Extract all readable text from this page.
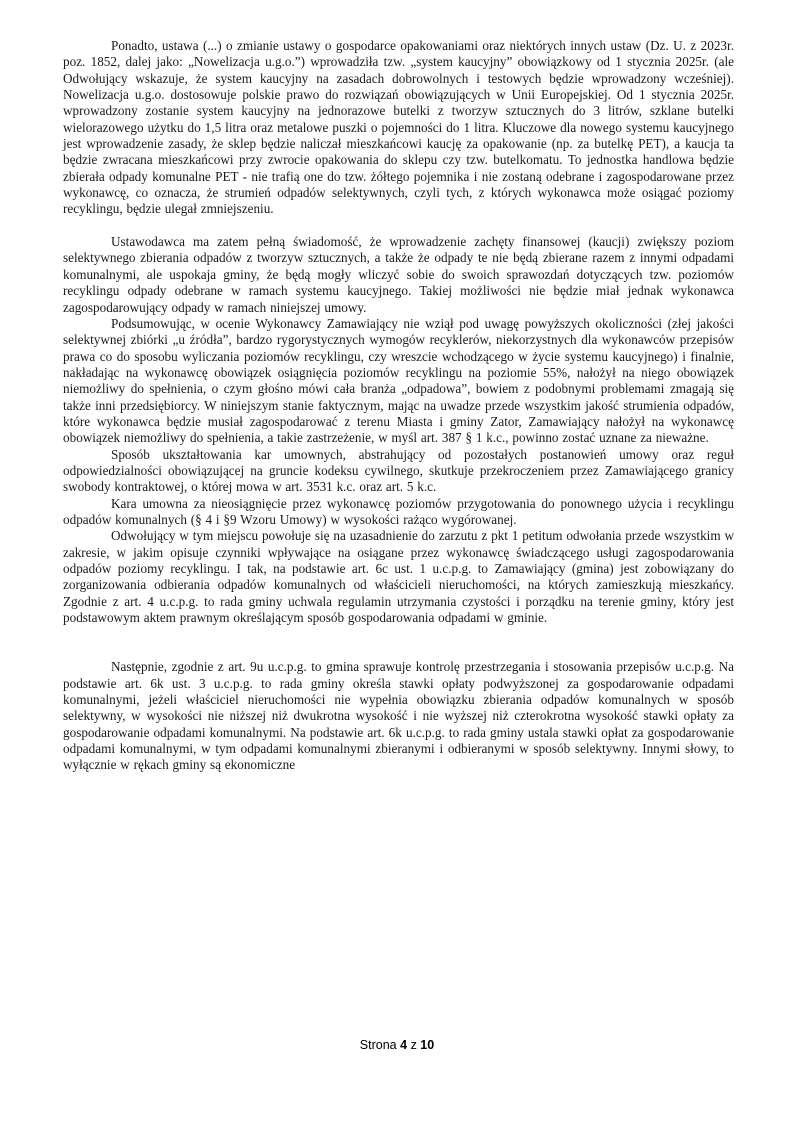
Ponadto, ustawa (...) o zmianie ustawy o gospodarce opakowaniami oraz niektórych innych ustaw (Dz. U. z 2023r. poz. 1852, dalej jako: „Nowelizacja u.g.o.”) wprowadziła tzw. „system kaucyjny” obowiązkowy od 1 stycznia 2025r. (ale Odwołujący wskazuje, że system kaucyjny na zasadach dobrowolnych i testowych będzie wprowadzony wcześniej). Nowelizacja u.g.o. dostosowuje polskie prawo do rozwiązań obowiązujących w Unii Europejskiej. Od 1 stycznia 2025r. wprowadzony zostanie system kaucyjny na jednorazowe butelki z tworzyw sztucznych do 3 litrów, szklane butelki wielorazowego użytku do 1,5 litra oraz metalowe puszki o pojemności do 1 litra. Kluczowe dla nowego systemu kaucyjnego jest wprowadzenie zasady, że sklep będzie naliczał mieszkańcowi kaucję za opakowanie (np. za butelkę PET), a kaucja ta będzie zwracana mieszkańcowi przy zwrocie opakowania do sklepu czy tzw. butelkomatu. To jednostka handlowa będzie zbierała odpady komunalne PET - nie trafią one do tzw. żółtego pojemnika i nie zostaną odebrane i zagospodarowane przez wykonawcę, co oznacza, że strumień odpadów selektywnych, czyli tych, z których wykonawca może osiągać poziomy recyklingu, będzie ulegał zmniejszeniu.

Ustawodawca ma zatem pełną świadomość, że wprowadzenie zachęty finansowej (kaucji) zwiększy poziom selektywnego zbierania odpadów z tworzyw sztucznych, a także że odpady te nie będą zbierane razem z innymi odpadami komunalnymi, ale uspokaja gminy, że będą mogły wliczyć sobie do swoich sprawozdań dotyczących tzw. poziomów recyklingu odpady odebrane w ramach systemu kaucyjnego. Takiej możliwości nie będzie miał jednak wykonawca zagospodarowujący odpady w ramach niniejszej umowy.

Podsumowując, w ocenie Wykonawcy Zamawiający nie wziął pod uwagę powyższych okoliczności (złej jakości selektywnej zbiórki „u źródła”, bardzo rygorystycznych wymogów recyklerów, niekorzystnych dla wykonawców przepisów prawa co do sposobu wyliczania poziomów recyklingu, czy wreszcie wchodzącego w życie systemu kaucyjnego) i finalnie, nakładając na wykonawcę obowiązek osiągnięcia poziomów recyklingu na poziomie 55%, nałożył na niego obowiązek niemożliwy do spełnienia, o czym głośno mówi cała branża „odpadowa”, bowiem z podobnymi problemami zmagają się także inni przedsiębiorcy. W niniejszym stanie faktycznym, mając na uwadze przede wszystkim jakość strumienia odpadów, które wykonawca będzie musiał zagospodarować z terenu Miasta i gminy Zator, Zamawiający nałożył na wykonawcę obowiązek niemożliwy do spełnienia, a takie zastrzeżenie, w myśl art. 387 § 1 k.c., powinno zostać uznane za nieważne.

Sposób ukształtowania kar umownych, abstrahujący od pozostałych postanowień umowy oraz reguł odpowiedzialności obowiązującej na gruncie kodeksu cywilnego, skutkuje przekroczeniem przez Zamawiającego granicy swobody kontraktowej, o której mowa w art. 3531 k.c. oraz art. 5 k.c.

Kara umowna za nieosiągnięcie przez wykonawcę poziomów przygotowania do ponownego użycia i recyklingu odpadów komunalnych (§ 4 i §9 Wzoru Umowy) w wysokości rażąco wygórowanej.

Odwołujący w tym miejscu powołuje się na uzasadnienie do zarzutu z pkt 1 petitum odwołania przede wszystkim w zakresie, w jakim opisuje czynniki wpływające na osiągane przez wykonawcę świadczącego usługi zagospodarowania odpadów poziomy recyklingu. I tak, na podstawie art. 6c ust. 1 u.c.p.g. to Zamawiający (gmina) jest zobowiązany do zorganizowania odbierania odpadów komunalnych od właścicieli nieruchomości, na których zamieszkują mieszkańcy. Zgodnie z art. 4 u.c.p.g. to rada gminy uchwala regulamin utrzymania czystości i porządku na terenie gminy, który jest podstawowym aktem prawnym określającym sposób gospodarowania odpadami w gminie.

Następnie, zgodnie z art. 9u u.c.p.g. to gmina sprawuje kontrolę przestrzegania i stosowania przepisów u.c.p.g. Na podstawie art. 6k ust. 3 u.c.p.g. to rada gminy określa stawki opłaty podwyższonej za gospodarowanie odpadami komunalnymi, jeżeli właściciel nieruchomości nie wypełnia obowiązku zbierania odpadów komunalnych w sposób selektywny, w wysokości nie niższej niż dwukrotna wysokość i nie wyższej niż czterokrotna wysokość stawki opłaty za gospodarowanie odpadami komunalnymi. Na podstawie art. 6k u.c.p.g. to rada gminy ustala stawki opłat za gospodarowanie odpadami komunalnymi, w tym odpadami komunalnymi zbieranymi i odbieranymi w sposób selektywny. Innymi słowy, to wyłącznie w rękach gminy są ekonomiczne

Strona 4 z 10
